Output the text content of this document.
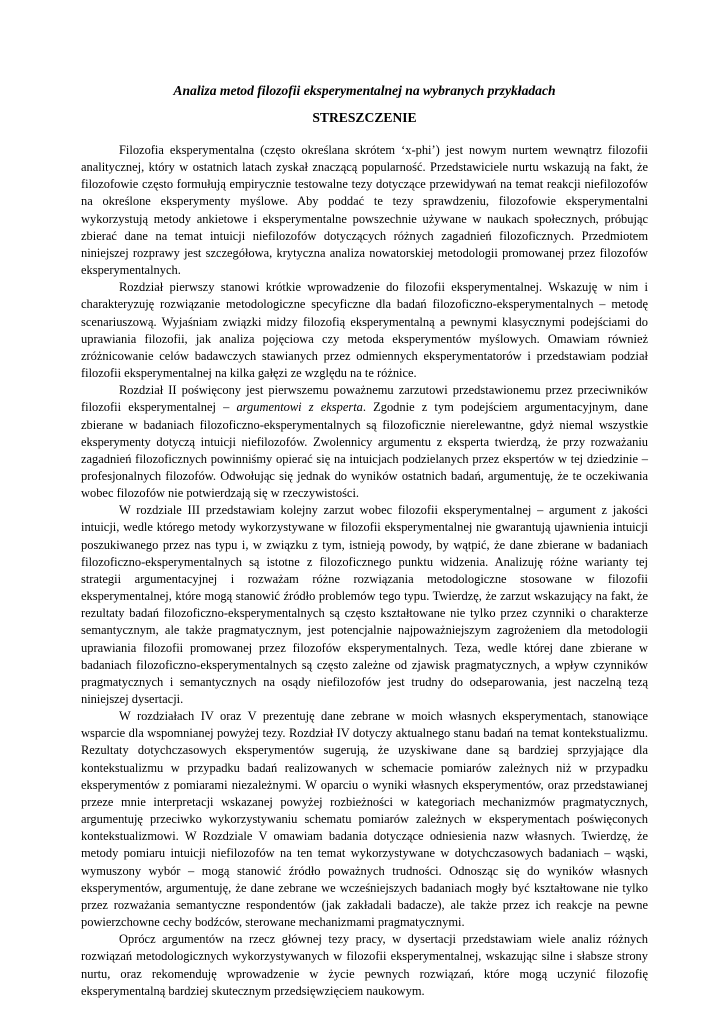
Analiza metod filozofii eksperymentalnej na wybranych przykładach
STRESZCZENIE

Filozofia eksperymentalna (często określana skrótem ‘x-phi’) jest nowym nurtem wewnątrz filozofii analitycznej, który w ostatnich latach zyskał znaczącą popularność. Przedstawiciele nurtu wskazują na fakt, że filozofowie często formułują empirycznie testowalne tezy dotyczące przewidywań na temat reakcji niefilozofów na określone eksperymenty myślowe. Aby poddać te tezy sprawdzeniu, filozofowie eksperymentalni wykorzystują metody ankietowe i eksperymentalne powszechnie używane w naukach społecznych, próbując zbierać dane na temat intuicji niefilozofów dotyczących różnych zagadnień filozoficznych. Przedmiotem niniejszej rozprawy jest szczegółowa, krytyczna analiza nowatorskiej metodologii promowanej przez filozofów eksperymentalnych.

Rozdział pierwszy stanowi krótkie wprowadzenie do filozofii eksperymentalnej. Wskazuję w nim i charakteryzuję rozwiązanie metodologiczne specyficzne dla badań filozoficzno-eksperymentalnych – metodę scenariuszową. Wyjaśniam związki midzy filozofią eksperymentalną a pewnymi klasycznymi podejściami do uprawiania filozofii, jak analiza pojęciowa czy metoda eksperymentów myślowych. Omawiam również zróżnicowanie celów badawczych stawianych przez odmiennych eksperymentatorów i przedstawiam podział filozofii eksperymentalnej na kilka gałęzi ze względu na te różnice.

Rozdział II poświęcony jest pierwszemu poważnemu zarzutowi przedstawionemu przez przeciwników filozofii eksperymentalnej – argumentowi z eksperta. Zgodnie z tym podejściem argumentacyjnym, dane zbierane w badaniach filozoficzno-eksperymentalnych są filozoficznie nierelewantne, gdyż niemal wszystkie eksperymenty dotyczą intuicji niefilozofów. Zwolennicy argumentu z eksperta twierdzą, że przy rozważaniu zagadnień filozoficznych powinniśmy opierać się na intuicjach podzielanych przez ekspertów w tej dziedzinie – profesjonalnych filozofów. Odwołując się jednak do wyników ostatnich badań, argumentuję, że te oczekiwania wobec filozofów nie potwierdzają się w rzeczywistości.

W rozdziale III przedstawiam kolejny zarzut wobec filozofii eksperymentalnej – argument z jakości intuicji, wedle którego metody wykorzystywane w filozofii eksperymentalnej nie gwarantują ujawnienia intuicji poszukiwanego przez nas typu i, w związku z tym, istnieją powody, by wątpić, że dane zbierane w badaniach filozoficzno-eksperymentalnych są istotne z filozoficznego punktu widzenia. Analizuję różne warianty tej strategii argumentacyjnej i rozważam różne rozwiązania metodologiczne stosowane w filozofii eksperymentalnej, które mogą stanowić źródło problemów tego typu. Twierdzę, że zarzut wskazujący na fakt, że rezultaty badań filozoficzno-eksperymentalnych są często kształtowane nie tylko przez czynniki o charakterze semantycznym, ale także pragmatycznym, jest potencjalnie najpoważniejszym zagrożeniem dla metodologii uprawiania filozofii promowanej przez filozofów eksperymentalnych. Teza, wedle której dane zbierane w badaniach filozoficzno-eksperymentalnych są często zależne od zjawisk pragmatycznych, a wpływ czynników pragmatycznych i semantycznych na osądy niefilozofów jest trudny do odseparowania, jest naczelną tezą niniejszej dysertacji.

W rozdziałach IV oraz V prezentuję dane zebrane w moich własnych eksperymentach, stanowiące wsparcie dla wspomnianej powyżej tezy. Rozdział IV dotyczy aktualnego stanu badań na temat kontekstualizmu. Rezultaty dotychczasowych eksperymentów sugerują, że uzyskiwane dane są bardziej sprzyjające dla kontekstualizmu w przypadku badań realizowanych w schemacie pomiarów zależnych niż w przypadku eksperymentów z pomiarami niezależnymi. W oparciu o wyniki własnych eksperymentów, oraz przedstawianej przeze mnie interpretacji wskazanej powyżej rozbieżności w kategoriach mechanizmów pragmatycznych, argumentuję przeciwko wykorzystywaniu schematu pomiarów zależnych w eksperymentach poświęconych kontekstualizmowi. W Rozdziale V omawiam badania dotyczące odniesienia nazw własnych. Twierdzę, że metody pomiaru intuicji niefilozofów na ten temat wykorzystywane w dotychczasowych badaniach – wąski, wymuszony wybór – mogą stanowić źródło poważnych trudności. Odnosząc się do wyników własnych eksperymentów, argumentuję, że dane zebrane we wcześniejszych badaniach mogły być kształtowane nie tylko przez rozważania semantyczne respondentów (jak zakładali badacze), ale także przez ich reakcje na pewne powierzchowne cechy bodźców, sterowane mechanizmami pragmatycznymi.

Oprócz argumentów na rzecz głównej tezy pracy, w dysertacji przedstawiam wiele analiz różnych rozwiązań metodologicznych wykorzystywanych w filozofii eksperymentalnej, wskazując silne i słabsze strony nurtu, oraz rekomenduję wprowadzenie w życie pewnych rozwiązań, które mogą uczynić filozofię eksperymentalną bardziej skutecznym przedsięwzięciem naukowym.
